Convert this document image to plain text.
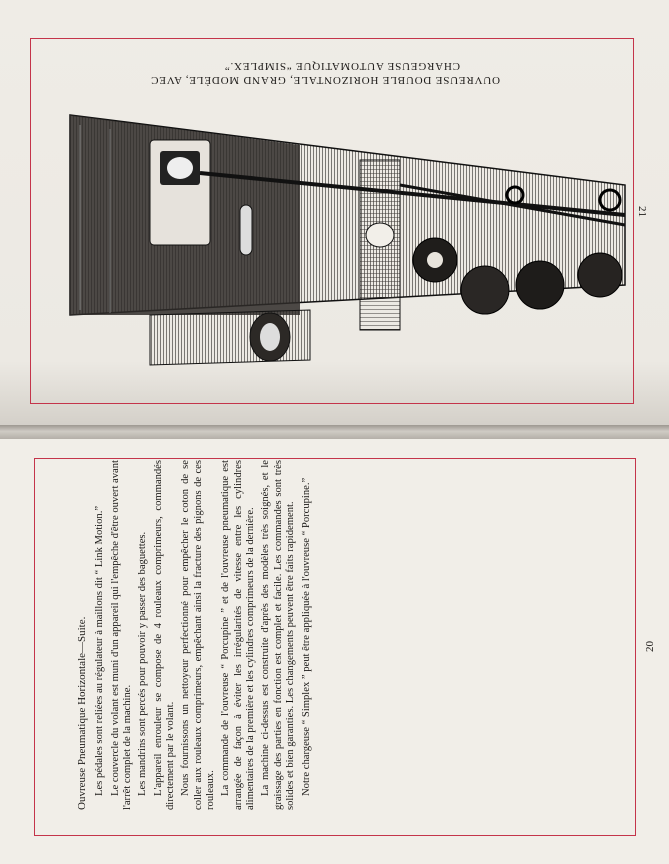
OUVREUSE DOUBLE HORIZONTALE, GRAND MODÈLE, AVEC
CHARGEUSE AUTOMATIQUE “SIMPLEX.”
21

Ouvreuse Pneumatique Horizontale—Suite. Les pédales sont reliées au régulateur à maillons dit “ Link Motion.” Le couvercle du volant est muni d'un appareil qui l'empêche d'être ouvert avant l'arrêt complet de la machine. Les mandrins sont percés pour pouvoir y passer des baguettes. L'appareil enrouleur se compose de 4 rouleaux comprimeurs, commandés directement par le volant. Nous fournissons un nettoyeur perfectionné pour empêcher le coton de se coller aux rouleaux comprimeurs, empêchant ainsi la fracture des pignons de ces rouleaux. La commande de l'ouvreuse “ Porcupine ” et de l'ouvreuse pneumatique est arrangée de façon à éviter les irrégularités de vitesse entre les cylindres alimentaires de la première et les cylindres comprimeurs de la dernière. La machine ci-dessus est construite d'après des modèles très soignés, et le graissage des parties en fonction est complet et facile. Les commandes sont très solides et bien garanties. Les changements peuvent être faits rapidement. Notre chargeuse “ Simplex ” peut être appliquée à l'ouvreuse “ Porcupine.”	20
